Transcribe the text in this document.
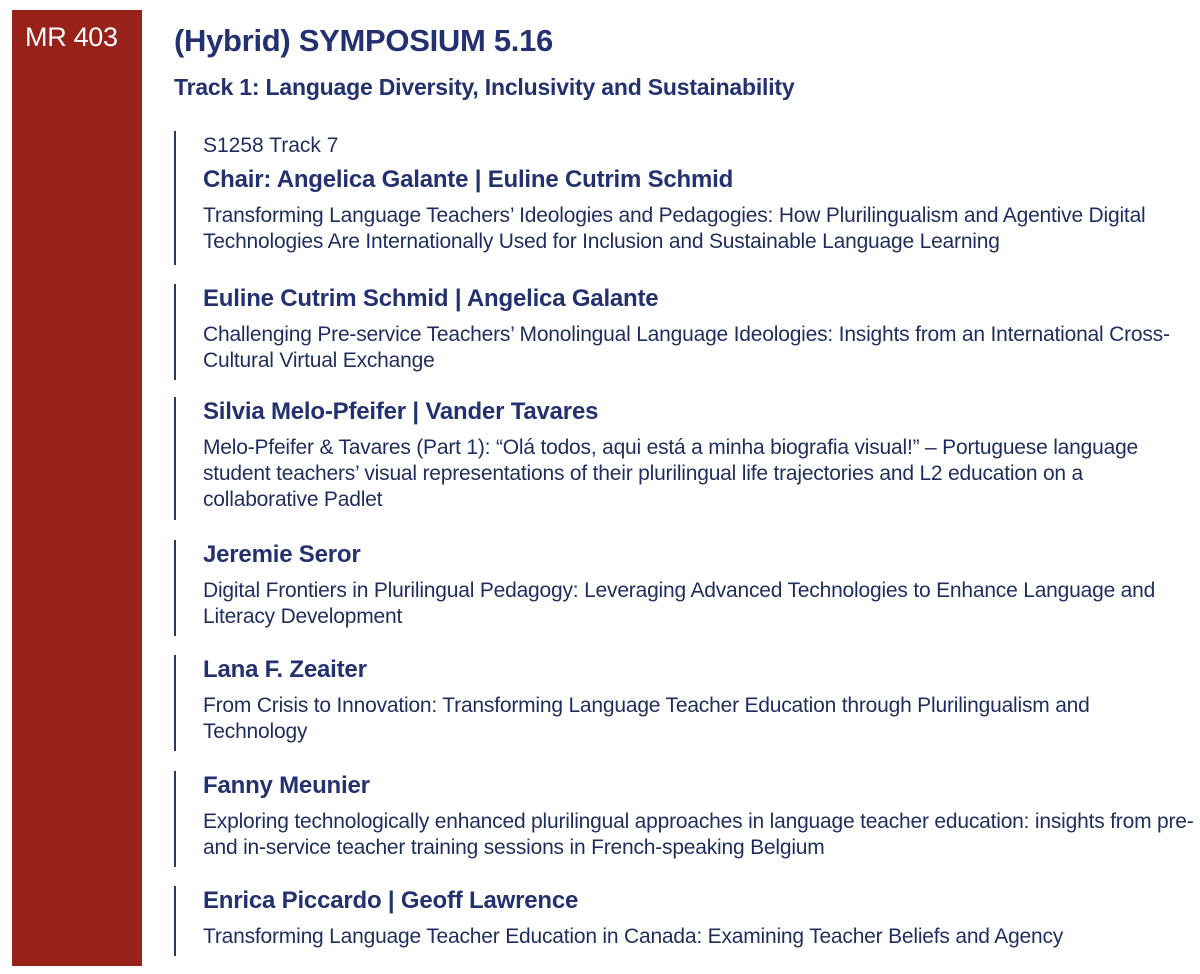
MR 403 (Hybrid) SYMPOSIUM 5.16
Track 1: Language Diversity, Inclusivity and Sustainability
S1258 Track 7
Chair: Angelica Galante | Euline Cutrim Schmid
Transforming Language Teachers’ Ideologies and Pedagogies: How Plurilingualism and Agentive Digital Technologies Are Internationally Used for Inclusion and Sustainable Language Learning
Euline Cutrim Schmid | Angelica Galante
Challenging Pre-service Teachers’ Monolingual Language Ideologies: Insights from an International Cross-Cultural Virtual Exchange
Silvia Melo-Pfeifer | Vander Tavares
Melo-Pfeifer & Tavares (Part 1): “Olá todos, aqui está a minha biografia visual!” – Portuguese language student teachers’ visual representations of their plurilingual life trajectories and L2 education on a collaborative Padlet
Jeremie Seror
Digital Frontiers in Plurilingual Pedagogy: Leveraging Advanced Technologies to Enhance Language and Literacy Development
Lana F. Zeaiter
From Crisis to Innovation: Transforming Language Teacher Education through Plurilingualism and Technology
Fanny Meunier
Exploring technologically enhanced plurilingual approaches in language teacher education: insights from pre- and in-service teacher training sessions in French-speaking Belgium
Enrica Piccardo | Geoff Lawrence
Transforming Language Teacher Education in Canada: Examining Teacher Beliefs and Agency
